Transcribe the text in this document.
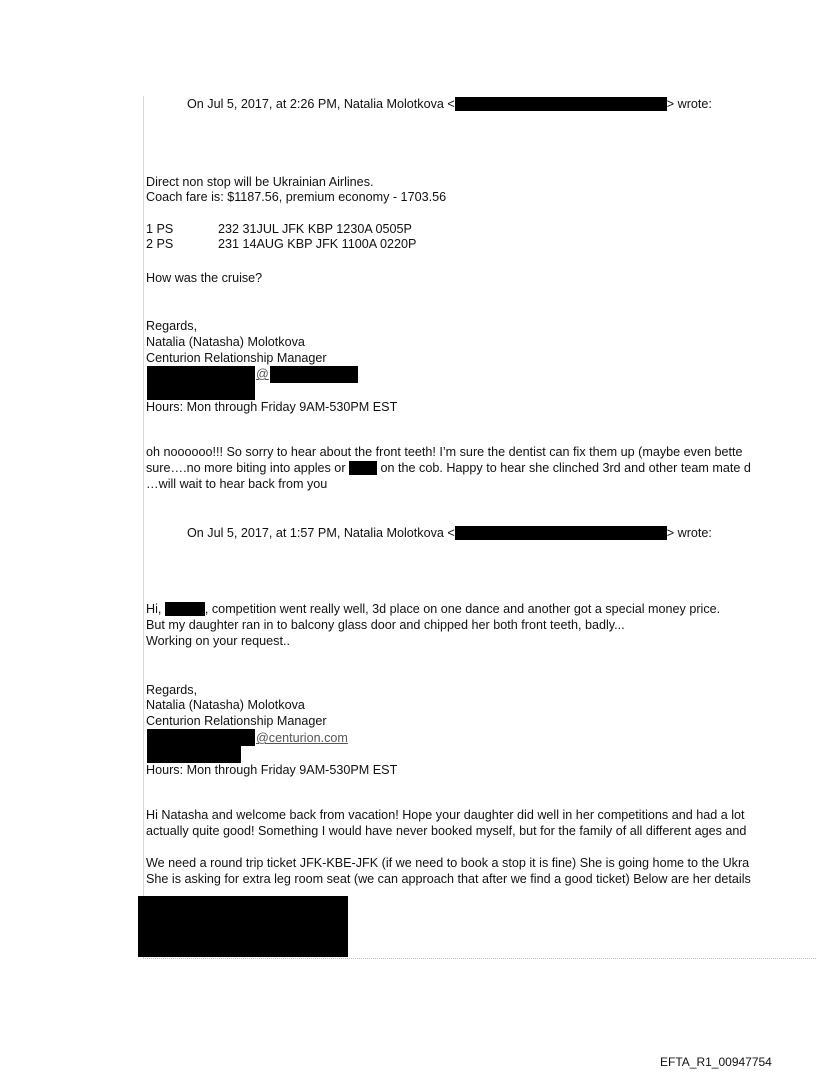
On Jul 5, 2017, at 2:26 PM, Natalia Molotkova <	> wrote:
Direct non stop will be Ukrainian Airlines.
Coach fare is: $1187.56, premium economy - 1703.56
1 PS	232 31JUL JFK KBP 1230A 0505P
2 PS	231 14AUG KBP JFK 1100A 0220P
How was the cruise?
Regards,
Natalia (Natasha) Molotkova
Centurion Relationship Manager
@
Hours: Mon through Friday 9AM-530PM EST
oh noooooo!!! So sorry to hear about the front teeth! I’m sure the dentist can fix them up (maybe even bette
sure….no more biting into apples or  on the cob. Happy to hear she clinched 3rd and other team mate d
…will wait to hear back from you
On Jul 5, 2017, at 1:57 PM, Natalia Molotkova <	> wrote:
Hi,	, competition went really well, 3d place on one dance and another got a special money price.
But my daughter ran in to balcony glass door and chipped her both front teeth, badly...
Working on your request..
Regards,
Natalia (Natasha) Molotkova
Centurion Relationship Manager
@centurion.com
Hours: Mon through Friday 9AM-530PM EST
Hi Natasha and welcome back from vacation! Hope your daughter did well in her competitions and had a lot
actually quite good! Something I would have never booked myself, but for the family of all different ages and
We need a round trip ticket JFK-KBE-JFK (if we need to book a stop it is fine) She is going home to the Ukra
She is asking for extra leg room seat (we can approach that after we find a good ticket) Below are her details
EFTA_R1_00947754
